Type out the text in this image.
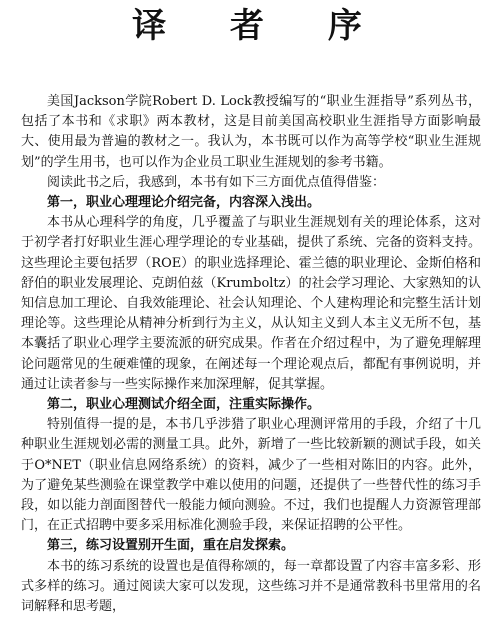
译 者 序

美国Jackson学院Robert D. Lock教授编写的“职业生涯指导”系列丛书，包括了本书和《求职》两本教材，这是目前美国高校职业生涯指导方面影响最大、使用最为普遍的教材之一。我认为，本书既可以作为高等学校“职业生涯规划”的学生用书，也可以作为企业员工职业生涯规划的参考书籍。

阅读此书之后，我感到，本书有如下三方面优点值得借鉴：

第一，职业心理理论介绍完备，内容深入浅出。

本书从心理科学的角度，几乎覆盖了与职业生涯规划有关的理论体系，这对于初学者打好职业生涯心理学理论的专业基础，提供了系统、完备的资料支持。这些理论主要包括罗（ROE）的职业选择理论、霍兰德的职业理论、金斯伯格和舒伯的职业发展理论、克朗伯兹（Krumboltz）的社会学习理论、大家熟知的认知信息加工理论、自我效能理论、社会认知理论、个人建构理论和完整生活计划理论等。这些理论从精神分析到行为主义，从认知主义到人本主义无所不包，基本囊括了职业心理学主要流派的研究成果。作者在介绍过程中，为了避免理解理论问题常见的生硬难懂的现象，在阐述每一个理论观点后，都配有事例说明，并通过让读者参与一些实际操作来加深理解，促其掌握。

第二，职业心理测试介绍全面，注重实际操作。

特别值得一提的是，本书几乎涉猎了职业心理测评常用的手段，介绍了十几种职业生涯规划必需的测量工具。此外，新增了一些比较新颖的测试手段，如关于O*NET（职业信息网络系统）的资料，减少了一些相对陈旧的内容。此外，为了避免某些测验在课堂教学中难以使用的问题，还提供了一些替代性的练习手段，如以能力剖面图替代一般能力倾向测验。不过，我们也提醒人力资源管理部门，在正式招聘中要多采用标准化测验手段，来保证招聘的公平性。

第三，练习设置别开生面，重在启发探索。

本书的练习系统的设置也是值得称颂的，每一章都设置了内容丰富多彩、形式多样的练习。通过阅读大家可以发现，这些练习并不是通常教科书里常用的名词解释和思考题，
